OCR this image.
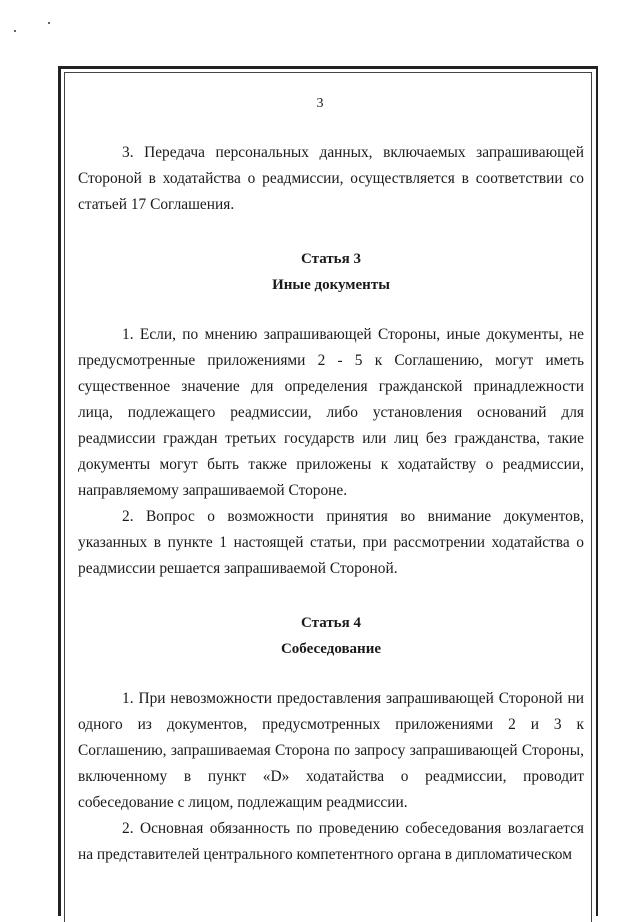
3

3. Передача персональных данных, включаемых запрашивающей Стороной в ходатайства о реадмиссии, осуществляется в соответствии со статьей 17 Соглашения.

Статья 3

Иные документы

1. Если, по мнению запрашивающей Стороны, иные документы, не предусмотренные приложениями 2 - 5 к Соглашению, могут иметь существенное значение для определения гражданской принадлежности лица, подлежащего реадмиссии, либо установления оснований для реадмиссии граждан третьих государств или лиц без гражданства, такие документы могут быть также приложены к ходатайству о реадмиссии, направляемому запрашиваемой Стороне.

2. Вопрос о возможности принятия во внимание документов, указанных в пункте 1 настоящей статьи, при рассмотрении ходатайства о реадмиссии решается запрашиваемой Стороной.

Статья 4

Собеседование

1. При невозможности предоставления запрашивающей Стороной ни одного из документов, предусмотренных приложениями 2 и 3 к Соглашению, запрашиваемая Сторона по запросу запрашивающей Стороны, включенному в пункт «D» ходатайства о реадмиссии, проводит собеседование с лицом, подлежащим реадмиссии.

2. Основная обязанность по проведению собеседования возлагается на представителей центрального компетентного органа в дипломатическом
